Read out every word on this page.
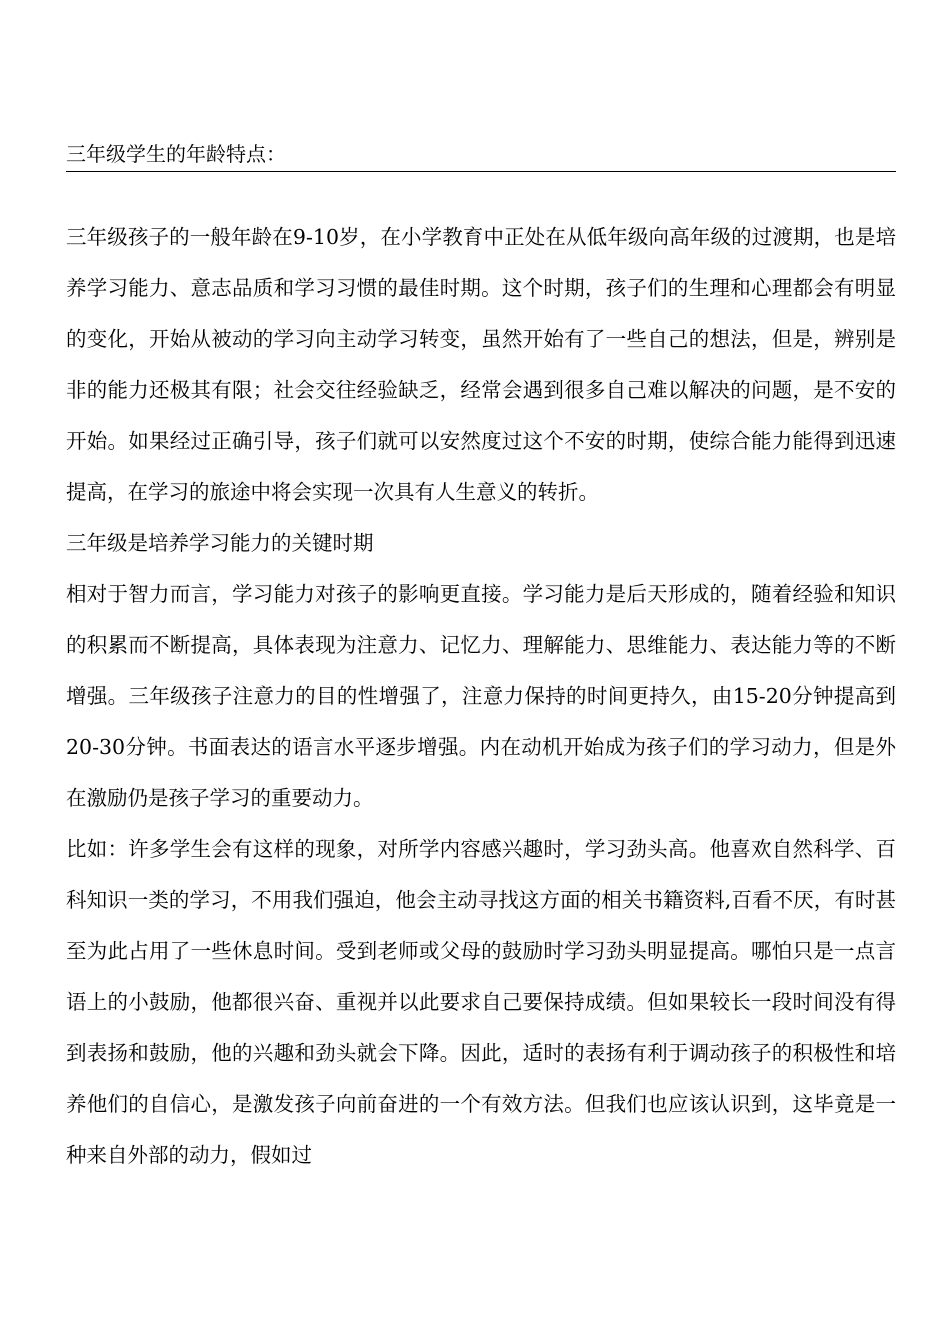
三年级学生的年龄特点：

三年级孩子的一般年龄在9-10岁，在小学教育中正处在从低年级向高年级的过渡期，也是培养学习能力、意志品质和学习习惯的最佳时期。这个时期，孩子们的生理和心理都会有明显的变化，开始从被动的学习向主动学习转变，虽然开始有了一些自己的想法，但是，辨别是非的能力还极其有限；社会交往经验缺乏，经常会遇到很多自己难以解决的问题，是不安的开始。如果经过正确引导，孩子们就可以安然度过这个不安的时期，使综合能力能得到迅速提高，在学习的旅途中将会实现一次具有人生意义的转折。

三年级是培养学习能力的关键时期

相对于智力而言，学习能力对孩子的影响更直接。学习能力是后天形成的，随着经验和知识的积累而不断提高，具体表现为注意力、记忆力、理解能力、思维能力、表达能力等的不断增强。三年级孩子注意力的目的性增强了，注意力保持的时间更持久，由15-20分钟提高到20-30分钟。书面表达的语言水平逐步增强。内在动机开始成为孩子们的学习动力，但是外在激励仍是孩子学习的重要动力。

比如：许多学生会有这样的现象，对所学内容感兴趣时，学习劲头高。他喜欢自然科学、百科知识一类的学习，不用我们强迫，他会主动寻找这方面的相关书籍资料,百看不厌，有时甚至为此占用了一些休息时间。受到老师或父母的鼓励时学习劲头明显提高。哪怕只是一点言语上的小鼓励，他都很兴奋、重视并以此要求自己要保持成绩。但如果较长一段时间没有得到表扬和鼓励，他的兴趣和劲头就会下降。因此，适时的表扬有利于调动孩子的积极性和培养他们的自信心，是激发孩子向前奋进的一个有效方法。但我们也应该认识到，这毕竟是一种来自外部的动力，假如过
